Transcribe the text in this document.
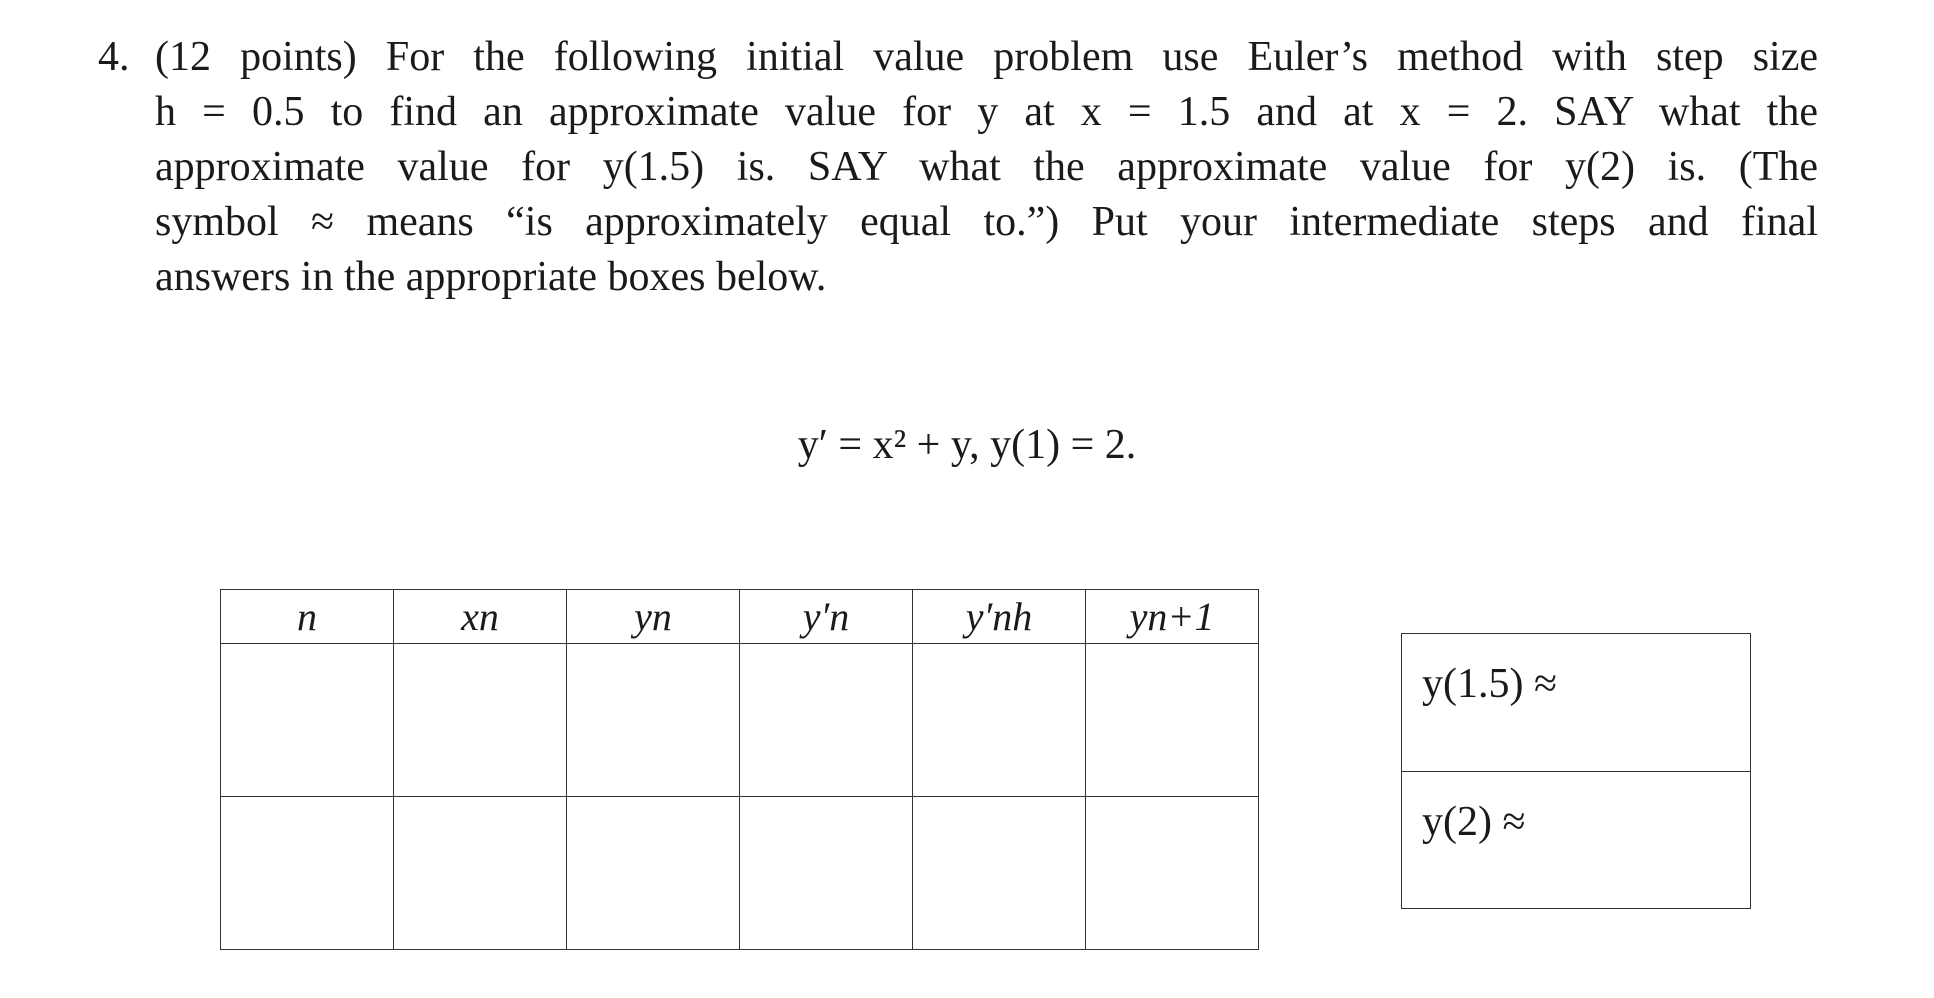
4. (12 points) For the following initial value problem use Euler’s method with step size
h = 0.5 to find an approximate value for y at x = 1.5 and at x = 2. SAY what the
approximate value for y(1.5) is. SAY what the approximate value for y(2) is. (The
symbol ≈ means “is approximately equal to.”) Put your intermediate steps and final
answers in the appropriate boxes below.
y′ = x² + y, y(1) = 2.
n	xn	yn	y′n	y′nh	yn+1

y(1.5) ≈
y(2) ≈
